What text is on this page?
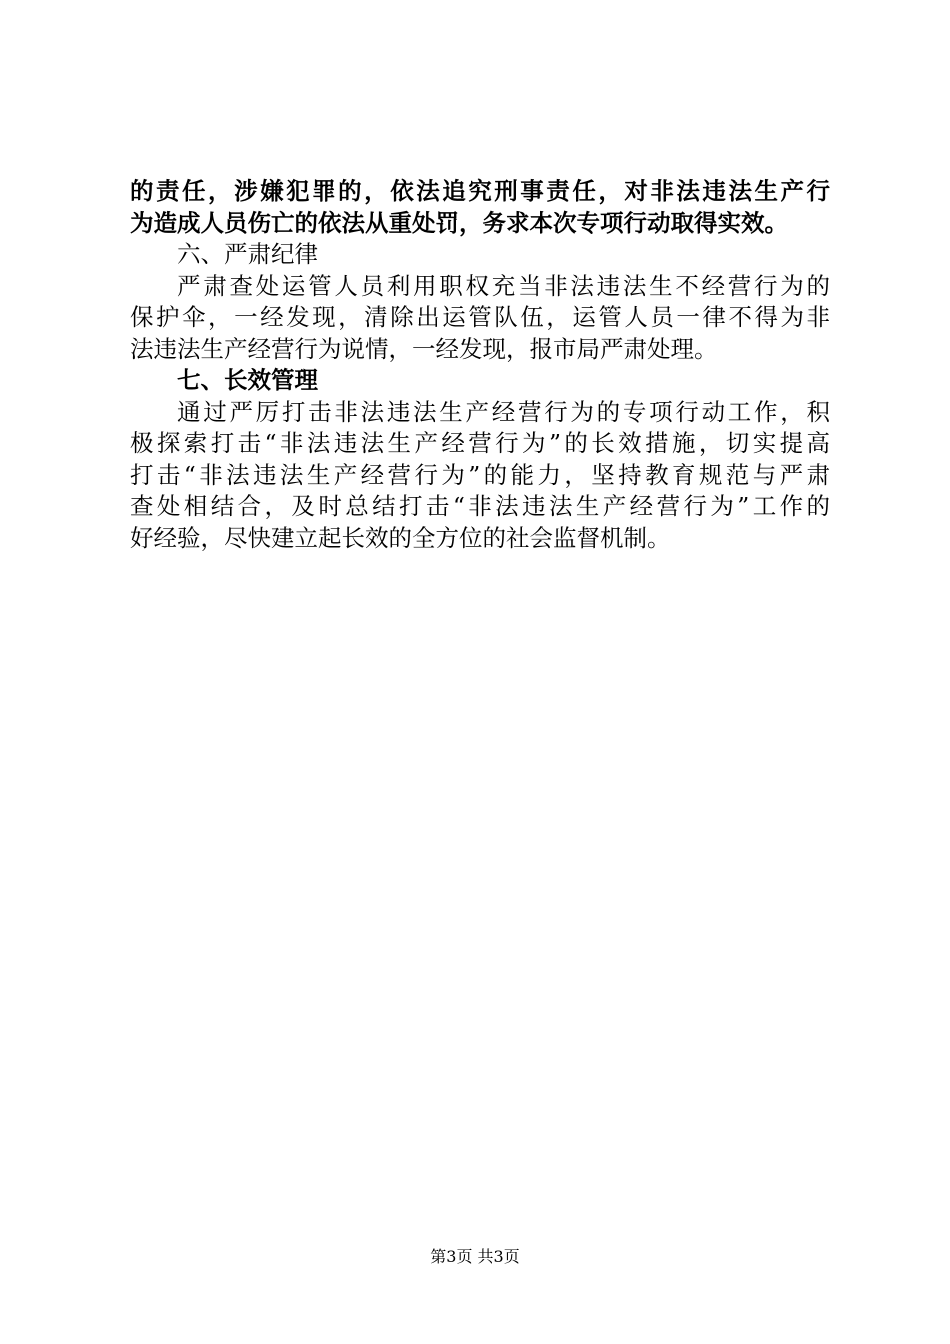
的责任，涉嫌犯罪的，依法追究刑事责任，对非法违法生产行
为造成人员伤亡的依法从重处罚，务求本次专项行动取得实效。
六、严肃纪律
严肃查处运管人员利用职权充当非法违法生不经营行为的
保护伞，一经发现，清除出运管队伍，运管人员一律不得为非
法违法生产经营行为说情，一经发现，报市局严肃处理。
七、长效管理
通过严厉打击非法违法生产经营行为的专项行动工作，积
极探索打击“非法违法生产经营行为”的长效措施，切实提高
打击“非法违法生产经营行为”的能力，坚持教育规范与严肃
查处相结合，及时总结打击“非法违法生产经营行为”工作的
好经验，尽快建立起长效的全方位的社会监督机制。
第3页 共3页
